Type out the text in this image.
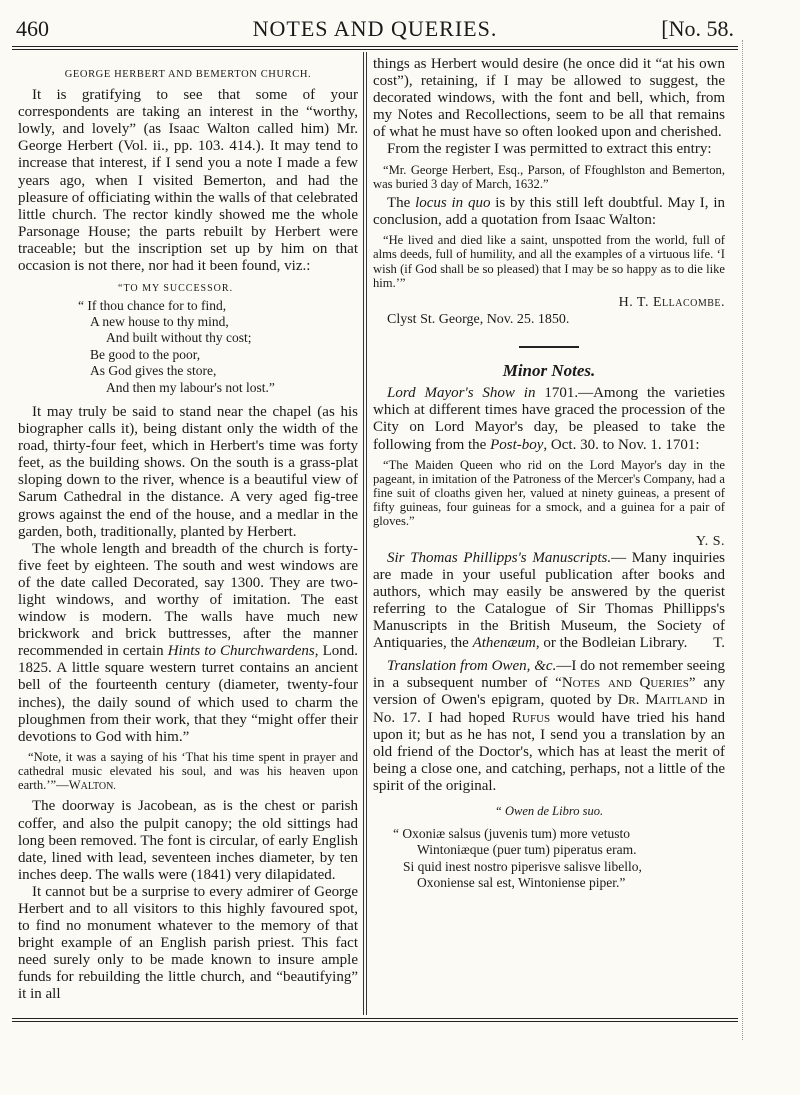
460	NOTES AND QUERIES.	[No. 58.

GEORGE HERBERT AND BEMERTON CHURCH.

It is gratifying to see that some of your correspondents are taking an interest in the “worthy, lowly, and lovely” (as Isaac Walton called him) Mr. George Herbert (Vol. ii., pp. 103. 414.). It may tend to increase that interest, if I send you a note I made a few years ago, when I visited Bemerton, and had the pleasure of officiating within the walls of that celebrated little church. The rector kindly showed me the whole Parsonage House; the parts rebuilt by Herbert were traceable; but the inscription set up by him on that occasion is not there, nor had it been found, viz.:

“TO MY SUCCESSOR.
“ If thou chance for to find,
A new house to thy mind,
And built without thy cost;
Be good to the poor,
As God gives the store,
And then my labour's not lost.”

It may truly be said to stand near the chapel (as his biographer calls it), being distant only the width of the road, thirty-four feet, which in Herbert's time was forty feet, as the building shows. On the south is a grass-plat sloping down to the river, whence is a beautiful view of Sarum Cathedral in the distance. A very aged fig-tree grows against the end of the house, and a medlar in the garden, both, traditionally, planted by Herbert.

The whole length and breadth of the church is forty-five feet by eighteen. The south and west windows are of the date called Decorated, say 1300. They are two-light windows, and worthy of imitation. The east window is modern. The walls have much new brickwork and brick buttresses, after the manner recommended in certain Hints to Churchwardens, Lond. 1825. A little square western turret contains an ancient bell of the fourteenth century (diameter, twenty-four inches), the daily sound of which used to charm the ploughmen from their work, that they “might offer their devotions to God with him.”

“Note, it was a saying of his ‘That his time spent in prayer and cathedral music elevated his soul, and was his heaven upon earth.’”—WALTON.

The doorway is Jacobean, as is the chest or parish coffer, and also the pulpit canopy; the old sittings had long been removed. The font is circular, of early English date, lined with lead, seventeen inches diameter, by ten inches deep. The walls were (1841) very dilapidated.

It cannot but be a surprise to every admirer of George Herbert and to all visitors to this highly favoured spot, to find no monument whatever to the memory of that bright example of an English parish priest. This fact need surely only to be made known to insure ample funds for rebuilding the little church, and “beautifying” it in all

things as Herbert would desire (he once did it “at his own cost”), retaining, if I may be allowed to suggest, the decorated windows, with the font and bell, which, from my Notes and Recollections, seem to be all that remains of what he must have so often looked upon and cherished.

From the register I was permitted to extract this entry:

“Mr. George Herbert, Esq., Parson, of Ffoughlston and Bemerton, was buried 3 day of March, 1632.”

The locus in quo is by this still left doubtful. May I, in conclusion, add a quotation from Isaac Walton:

“He lived and died like a saint, unspotted from the world, full of alms deeds, full of humility, and all the examples of a virtuous life. ‘I wish (if God shall be so pleased) that I may be so happy as to die like him.’”

H. T. Ellacombe.

Clyst St. George, Nov. 25. 1850.

Minor Notes.

Lord Mayor's Show in 1701.—Among the varieties which at different times have graced the procession of the City on Lord Mayor's day, be pleased to take the following from the Post-boy, Oct. 30. to Nov. 1. 1701:

“The Maiden Queen who rid on the Lord Mayor's day in the pageant, in imitation of the Patroness of the Mercer's Company, had a fine suit of cloaths given her, valued at ninety guineas, a present of fifty guineas, four guineas for a smock, and a guinea for a pair of gloves.”

Y. S.

Sir Thomas Phillipps's Manuscripts.— Many inquiries are made in your useful publication after books and authors, which may easily be answered by the querist referring to the Catalogue of Sir Thomas Phillipps's Manuscripts in the British Museum, the Society of Antiquaries, the Athenæum, or the Bodleian Library.	T.

Translation from Owen, &c.—I do not remember seeing in a subsequent number of “Notes and Queries” any version of Owen's epigram, quoted by Dr. Maitland in No. 17. I had hoped Rufus would have tried his hand upon it; but as he has not, I send you a translation by an old friend of the Doctor's, which has at least the merit of being a close one, and catching, perhaps, not a little of the spirit of the original.

“ Owen de Libro suo.

“ Oxoniæ salsus (juvenis tum) more vetusto
Wintoniæque (puer tum) piperatus eram.
Si quid inest nostro piperisve salisve libello,
Oxoniense sal est, Wintoniense piper.”
